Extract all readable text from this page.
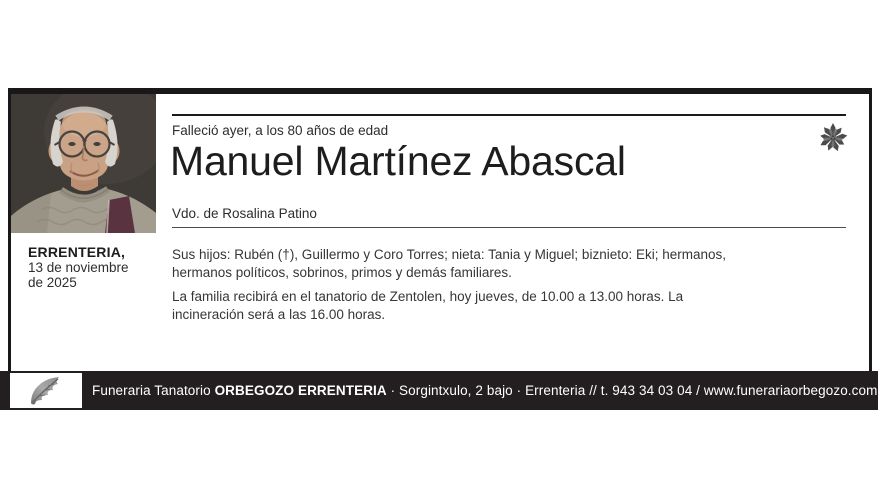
ERRENTERIA,
13 de noviembre
de 2025
Falleció ayer, a los 80 años de edad
Manuel Martínez Abascal
Vdo. de Rosalina Patino
Sus hijos: Rubén (†), Guillermo y Coro Torres; nieta: Tania y Miguel; biznieto: Eki; hermanos,
hermanos políticos, sobrinos, primos y demás familiares.
La familia recibirá en el tanatorio de Zentolen, hoy jueves, de 10.00 a 13.00 horas. La
incineración será a las 16.00 horas.
Funeraria Tanatorio ORBEGOZO ERRENTERIA · Sorgintxulo, 2 bajo · Errenteria // t. 943 34 03 04 / www.funerariaorbegozo.com
